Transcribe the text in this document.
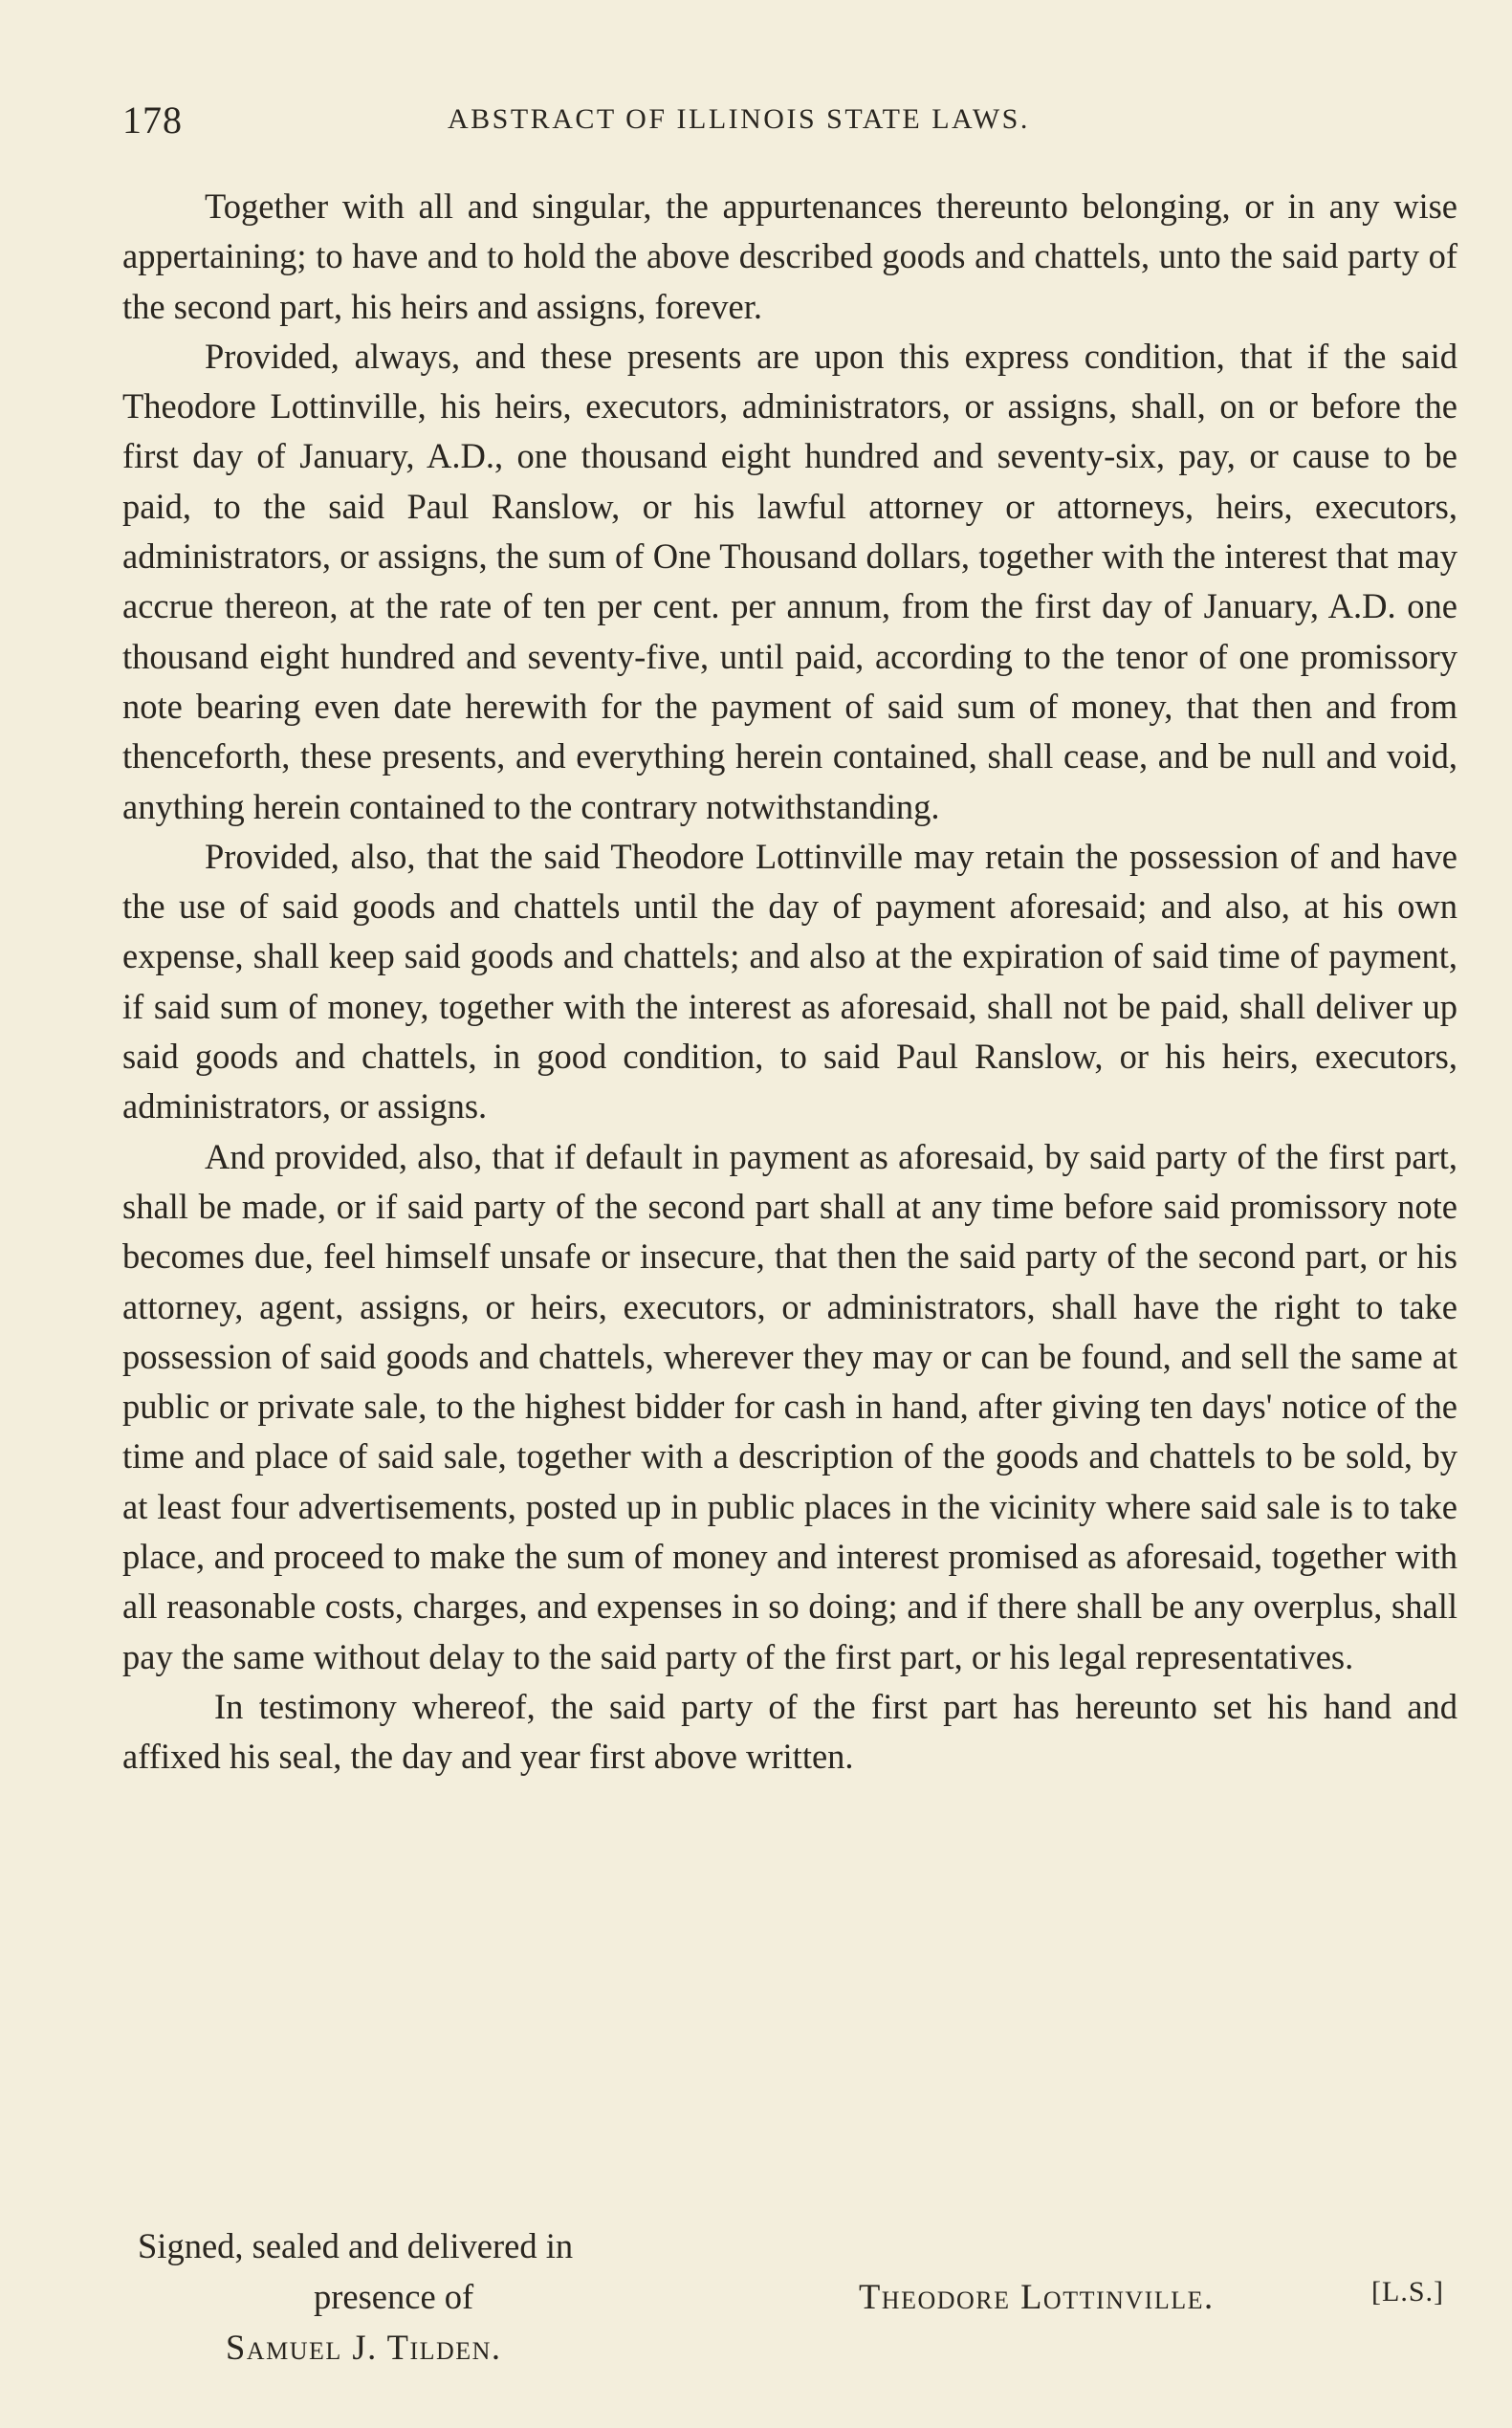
178	ABSTRACT OF ILLINOIS STATE LAWS.

Together with all and singular, the appurtenances thereunto belonging, or in any wise appertaining; to have and to hold the above described goods and chattels, unto the said party of the second part, his heirs and assigns, forever.

Provided, always, and these presents are upon this express condition, that if the said Theodore Lottinville, his heirs, executors, administrators, or assigns, shall, on or before the first day of January, A.D., one thousand eight hundred and seventy-six, pay, or cause to be paid, to the said Paul Ranslow, or his lawful attorney or attorneys, heirs, executors, administrators, or assigns, the sum of One Thousand dollars, together with the interest that may accrue thereon, at the rate of ten per cent. per annum, from the first day of January, A.D. one thousand eight hundred and seventy-five, until paid, according to the tenor of one promissory note bearing even date herewith for the payment of said sum of money, that then and from thenceforth, these presents, and everything herein contained, shall cease, and be null and void, anything herein contained to the contrary notwithstanding.

Provided, also, that the said Theodore Lottinville may retain the possession of and have the use of said goods and chattels until the day of payment aforesaid; and also, at his own expense, shall keep said goods and chattels; and also at the expiration of said time of payment, if said sum of money, together with the interest as aforesaid, shall not be paid, shall deliver up said goods and chattels, in good condition, to said Paul Ranslow, or his heirs, executors, administrators, or assigns.

And provided, also, that if default in payment as aforesaid, by said party of the first part, shall be made, or if said party of the second part shall at any time before said promissory note becomes due, feel himself unsafe or insecure, that then the said party of the second part, or his attorney, agent, assigns, or heirs, executors, or administrators, shall have the right to take possession of said goods and chattels, wherever they may or can be found, and sell the same at public or private sale, to the highest bidder for cash in hand, after giving ten days' notice of the time and place of said sale, together with a description of the goods and chattels to be sold, by at least four advertisements, posted up in public places in the vicinity where said sale is to take place, and proceed to make the sum of money and interest promised as aforesaid, together with all reasonable costs, charges, and expenses in so doing; and if there shall be any overplus, shall pay the same without delay to the said party of the first part, or his legal representatives.

In testimony whereof, the said party of the first part has hereunto set his hand and affixed his seal, the day and year first above written.

Signed, sealed and delivered in
presence of	Theodore Lottinville.	[L.S.]
Samuel J. Tilden.
